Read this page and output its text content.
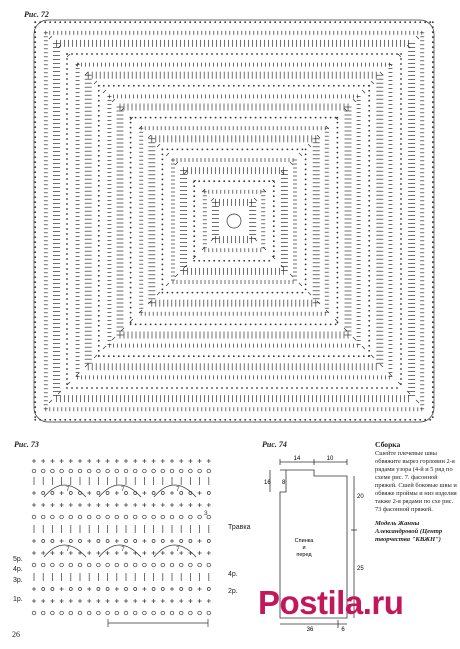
Рис. 72
Рис. 73	Рис. 74
7	7	7
7	7	7
3
Травка
4р.
2р.
5р.
4р.
3р.
1р.
14	10
16 8
20
25
36	6
Спинка и перед
Сборка
Сшейте плечевые швы обвяжите вырез горловин 2-я рядами узора (4-й и 5 ряд по схеме рис. 7. фасонной пряжей. Сшей боковые швы и обвяже проймы и низ изделия также 2-я рядами по схе рис. 73 фасонной пряжей.
Модель Жанны Александровой (Центр творчества "КВЖН")
26
Postila.ru
